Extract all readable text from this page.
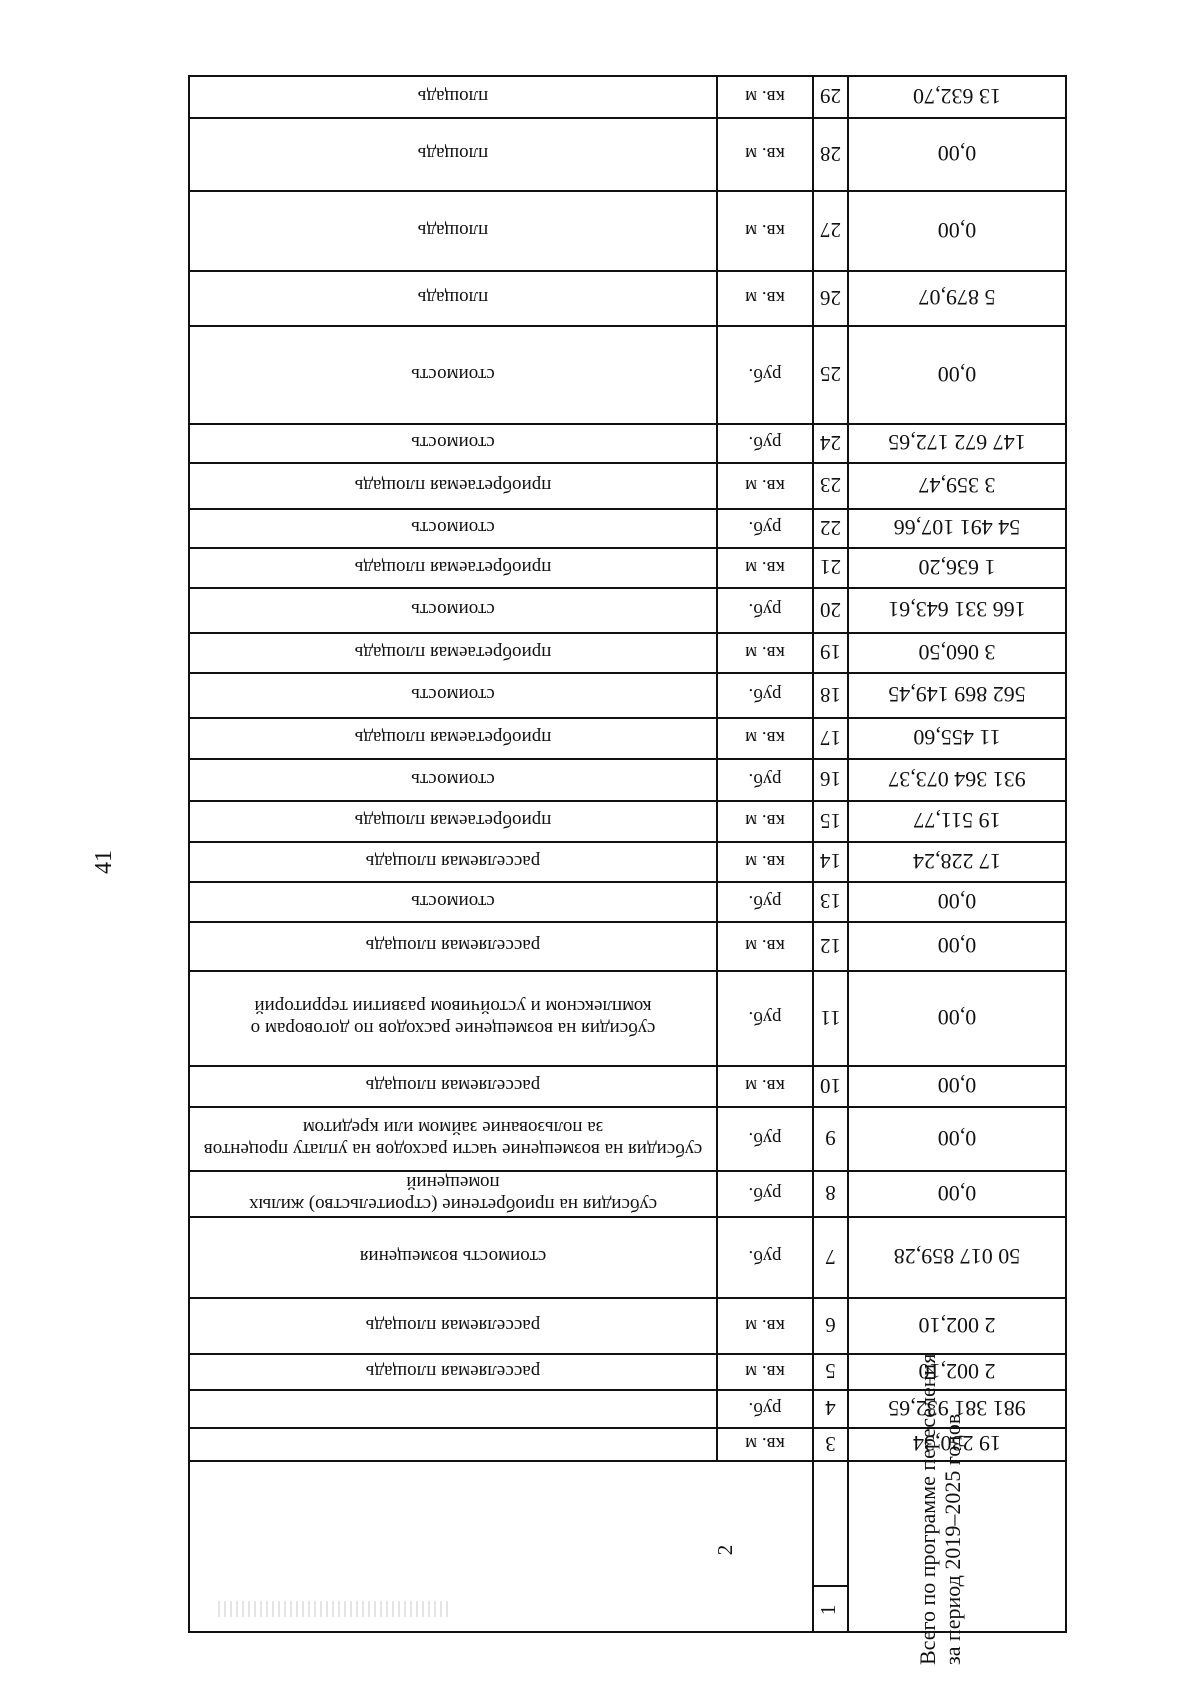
41
Всего по программе переселения за период 2019–2025 годов
2
1
13 632,70
29
кв. м
площадь
0,00
28
кв. м
площадь
0,00
27
кв. м
площадь
5 879,07
26
кв. м
площадь
0,00
25
руб.
стоимость
147 672 172,65
24
руб.
стоимость
3 359,47
23
кв. м
приобретаемая площадь
54 491 107,66
22
руб.
стоимость
1 636,20
21
кв. м
приобретаемая площадь
166 331 643,61
20
руб.
стоимость
3 060,50
19
кв. м
приобретаемая площадь
562 869 149,45
18
руб.
стоимость
11 455,60
17
кв. м
приобретаемая площадь
931 364 073,37
16
руб.
стоимость
19 511,77
15
кв. м
приобретаемая площадь
17 228,24
14
кв. м
расселяемая площадь
0,00
13
руб.
стоимость
0,00
12
кв. м
расселяемая площадь
0,00
11
руб.
субсидия на возмещение расходов по договорам о комплексном и устойчивом развитии территорий
0,00
10
кв. м
расселяемая площадь
0,00
9
руб.
субсидия на возмещение части расходов на уплату процентов за пользование займом или кредитом
0,00
8
руб.
субсидия на приобретение (строительство) жилых помещений
50 017 859,28
7
руб.
стоимость возмещения
2 002,10
6
кв. м
расселяемая площадь
2 002,10
5
кв. м
расселяемая площадь
981 381 932,65
4
руб.
19 230,34
3
кв. м
